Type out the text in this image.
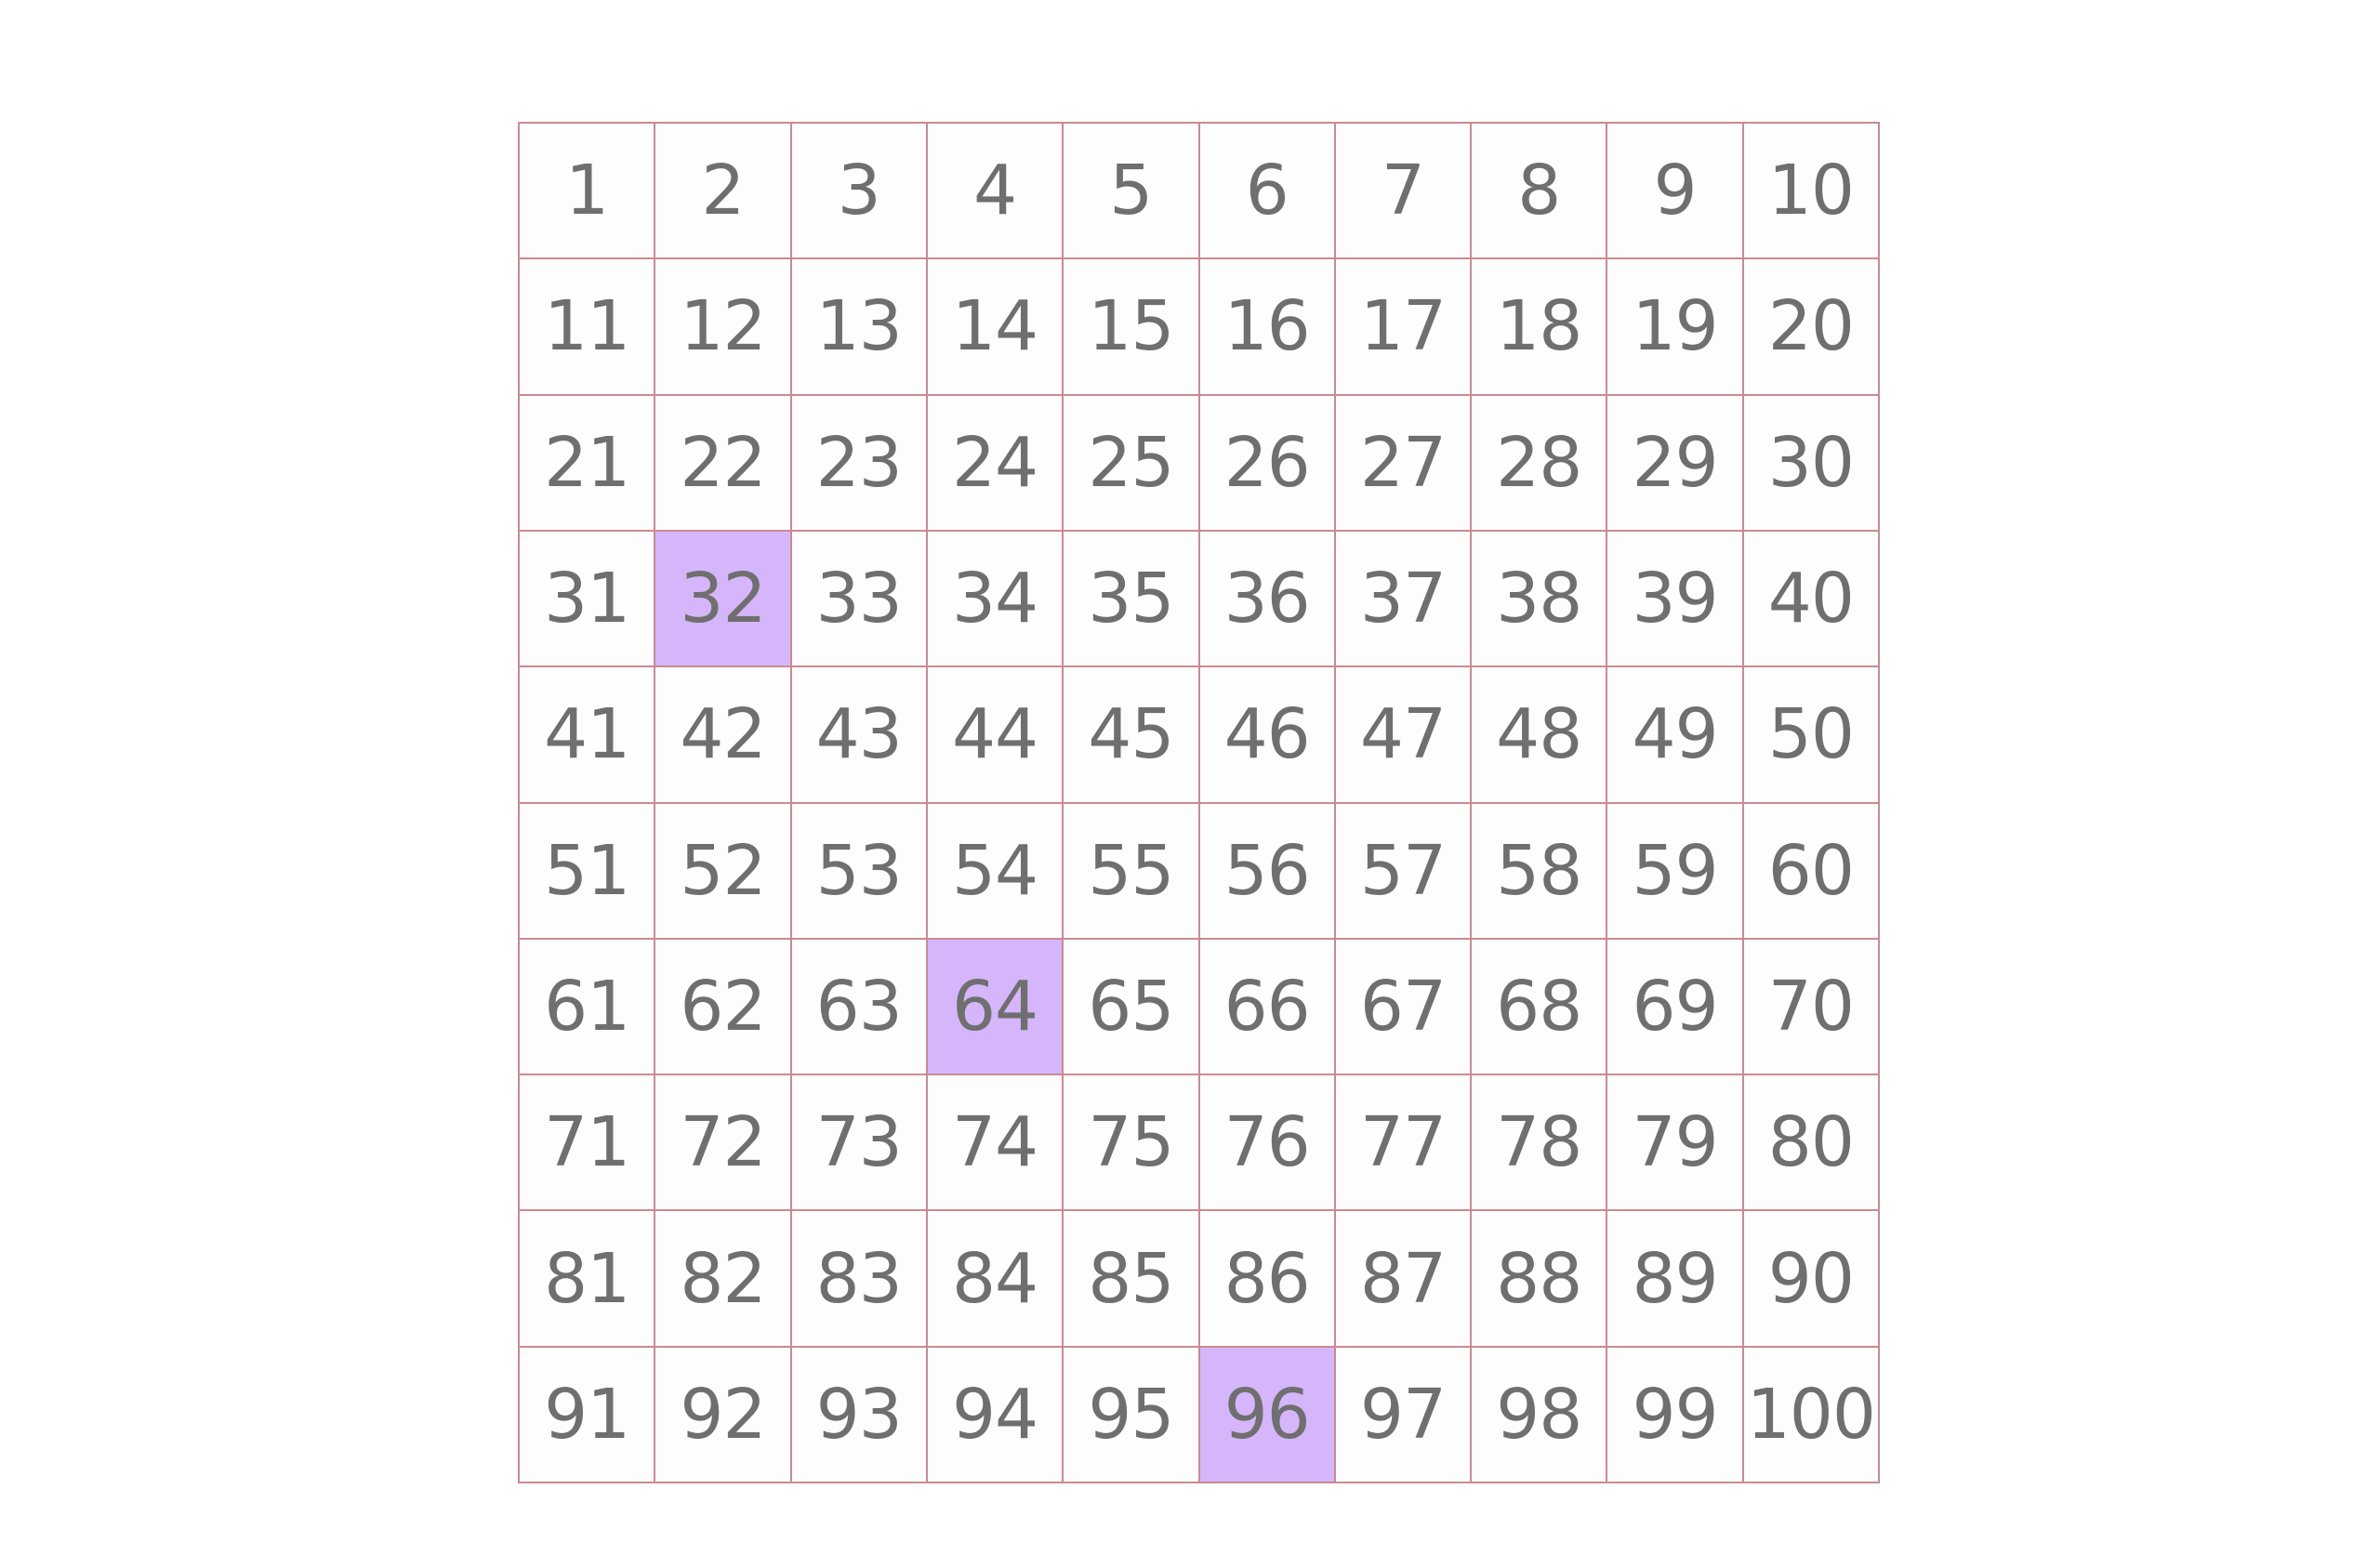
1	2	3	4	5	6	7	8	9	10
11 12 13 14 15 16 17 18 19 20
21 22 23 24 25 26 27 28 29 30
31 32 33 34 35 36 37 38 39 40
41 42 43 44 45 46 47 48 49 50
51 52 53 54 55 56 57 58 59 60
61 62 63 64 65 66 67 68 69 70
71 72 73 74 75 76 77 78 79 80
81 82 83 84 85 86 87 88 89 90
91 92 93 94 95 96 97 98 99 100
